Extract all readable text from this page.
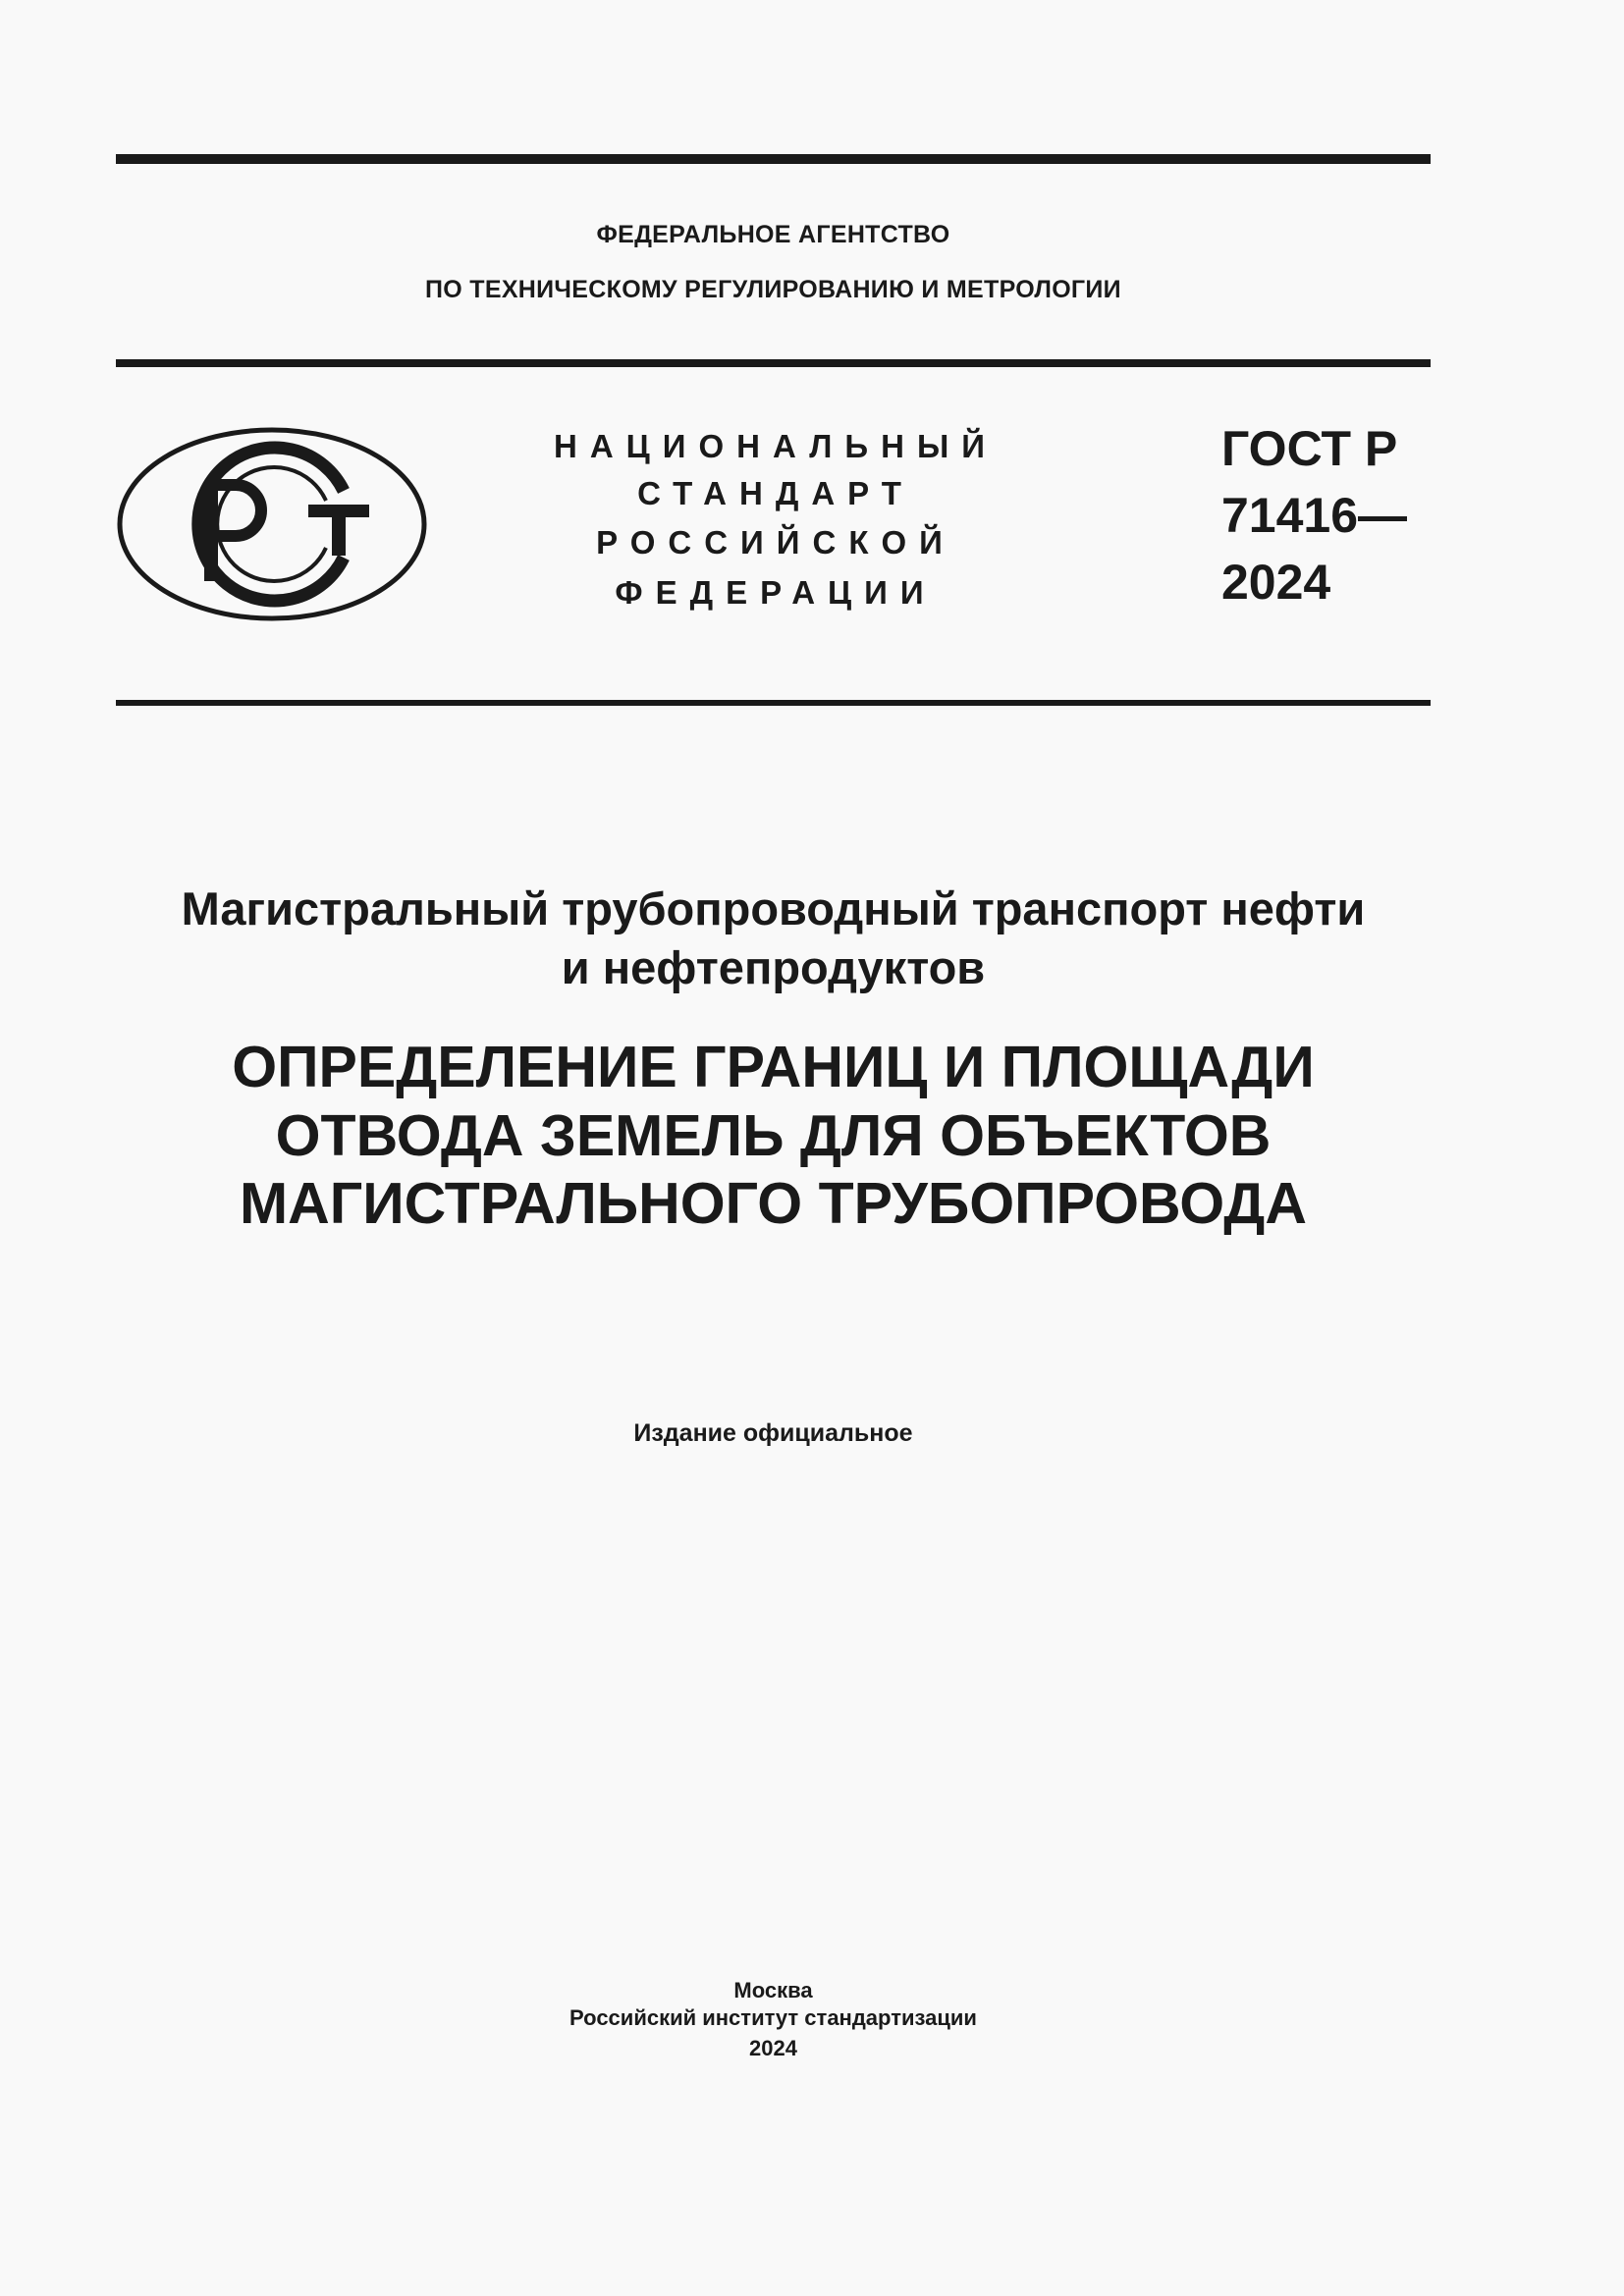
ФЕДЕРАЛЬНОЕ АГЕНТСТВО
ПО ТЕХНИЧЕСКОМУ РЕГУЛИРОВАНИЮ И МЕТРОЛОГИИ
НАЦИОНАЛЬНЫЙ
СТАНДАРТ
РОССИЙСКОЙ
ФЕДЕРАЦИИ
ГОСТ Р
71416—
2024
Магистральный трубопроводный транспорт нефти
и нефтепродуктов
ОПРЕДЕЛЕНИЕ ГРАНИЦ И ПЛОЩАДИ
ОТВОДА ЗЕМЕЛЬ ДЛЯ ОБЪЕКТОВ
МАГИСТРАЛЬНОГО ТРУБОПРОВОДА
Издание официальное
Москва
Российский институт стандартизации
2024
